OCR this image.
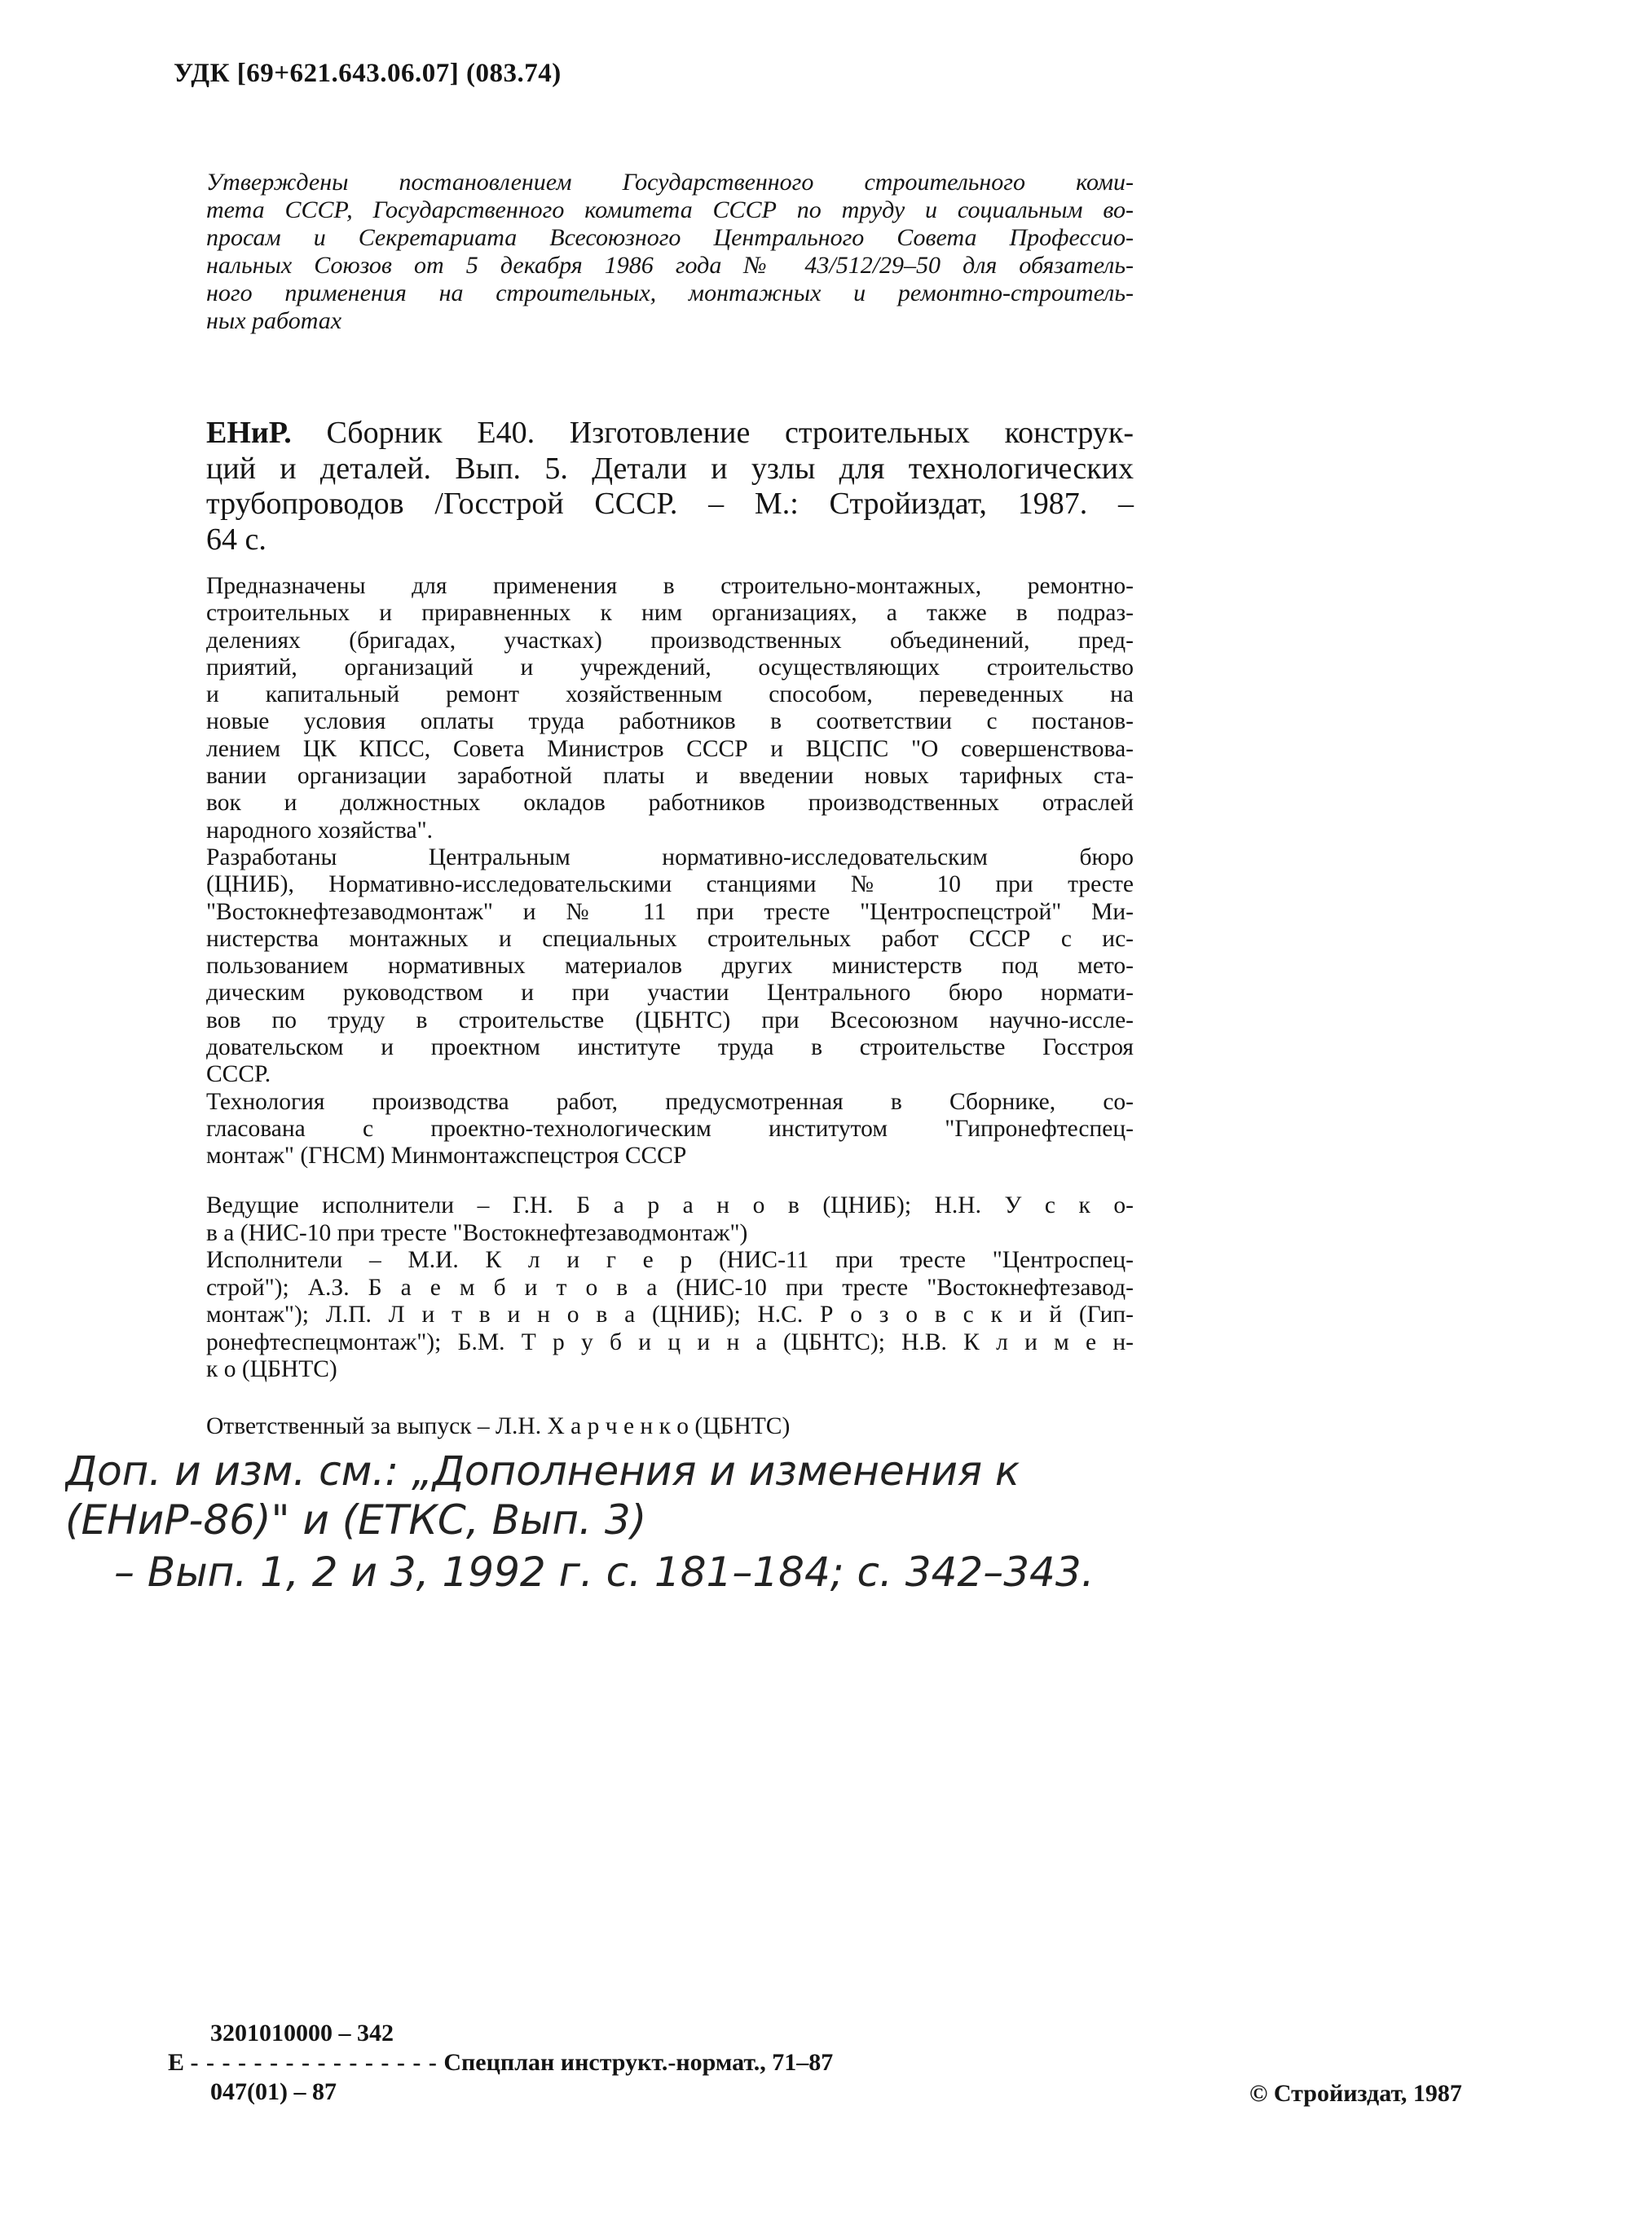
УДК [69+621.643.06.07] (083.74)
Утверждены постановлением Государственного строительного коми-
тета СССР, Государственного комитета СССР по труду и социальным во-
просам и Секретариата Всесоюзного Центрального Совета Профессио-
нальных Союзов от 5 декабря 1986 года № 43/512/29–50 для обязатель-
ного применения на строительных, монтажных и ремонтно-строитель-
ных работах
ЕНиР. Сборник Е40. Изготовление строительных конструк-
ций и деталей. Вып. 5. Детали и узлы для технологических
трубопроводов /Госстрой СССР. – М.: Стройиздат, 1987. –
64 с.
Предназначены для применения в строительно-монтажных, ремонтно-
строительных и приравненных к ним организациях, а также в подраз-
делениях (бригадах, участках) производственных объединений, пред-
приятий, организаций и учреждений, осуществляющих строительство
и капитальный ремонт хозяйственным способом, переведенных на
новые условия оплаты труда работников в соответствии с постанов-
лением ЦК КПСС, Совета Министров СССР и ВЦСПС "О совершенствова-
вании организации заработной платы и введении новых тарифных ста-
вок и должностных окладов работников производственных отраслей
народного хозяйства".
Разработаны Центральным нормативно-исследовательским бюро
(ЦНИБ), Нормативно-исследовательскими станциями № 10 при тресте
"Востокнефтезаводмонтаж" и № 11 при тресте "Центроспецстрой" Ми-
нистерства монтажных и специальных строительных работ СССР с ис-
пользованием нормативных материалов других министерств под мето-
дическим руководством и при участии Центрального бюро нормати-
вов по труду в строительстве (ЦБНТС) при Всесоюзном научно-иссле-
довательском и проектном институте труда в строительстве Госстроя
СССР.
Технология производства работ, предусмотренная в Сборнике, со-
гласована с проектно-технологическим институтом "Гипронефтеспец-
монтаж" (ГНСМ) Минмонтажспецстроя СССР
Ведущие исполнители – Г.Н. Б а р а н о в (ЦНИБ); Н.Н. У с к о-
в а (НИС-10 при тресте "Востокнефтезаводмонтаж")
Исполнители – М.И. К л и г е р (НИС-11 при тресте "Центроспец-
строй"); А.З. Б а е м б и т о в а (НИС-10 при тресте "Востокнефтезавод-
монтаж"); Л.П. Л и т в и н о в а (ЦНИБ); Н.С. Р о з о в с к и й (Гип-
ронефтеспецмонтаж"); Б.М. Т р у б и ц и н а (ЦБНТС); Н.В. К л и м е н-
к о (ЦБНТС)
Ответственный за выпуск – Л.Н. Х а р ч е н к о (ЦБНТС)
Доп. и изм. см.: „Дополнения и изменения к
(ЕНиР-86)" и (ЕТКС, Вып. 3)
– Вып. 1, 2 и 3, 1992 г. с. 181–184; с. 342–343.
3201010000 – 342
Е - - - - - - - - - - - - - - - - Спецплан инструкт.-нормат., 71–87
047(01) – 87	© Стройиздат, 1987
